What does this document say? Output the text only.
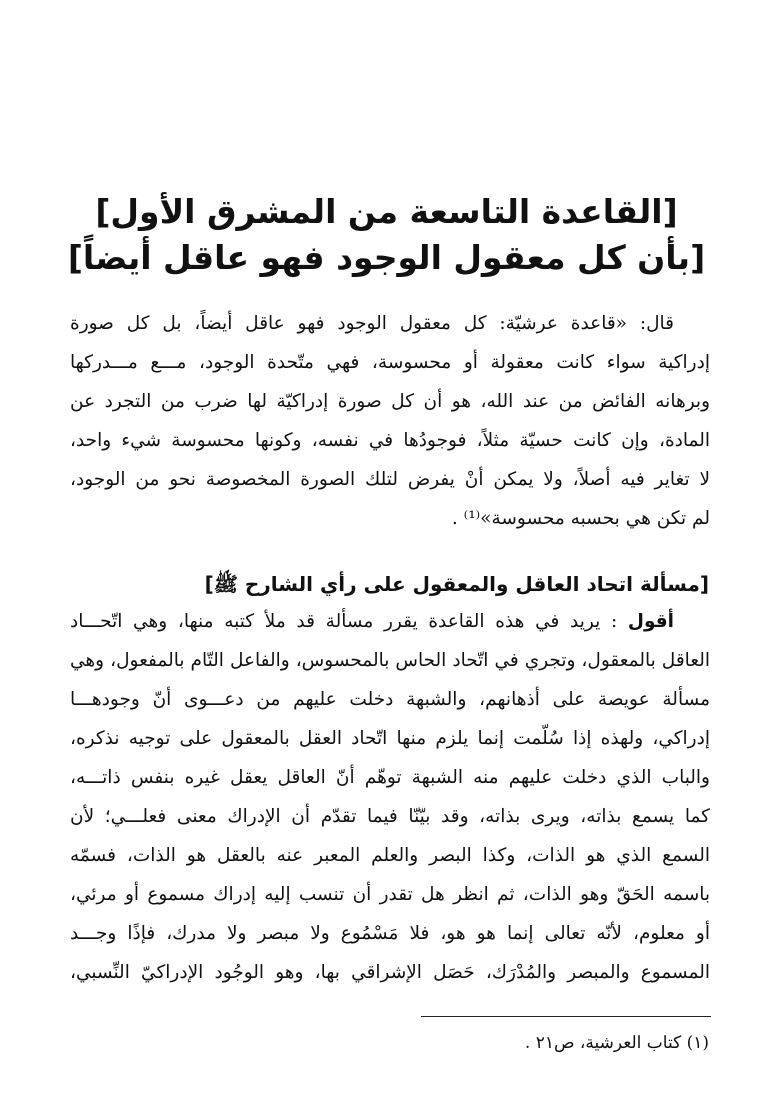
[القاعدة التاسعة من المشرق الأول]
[بأن كل معقول الوجود فهو عاقل أيضاً]
قال: «قاعدة عرشيّة: كل معقول الوجود فهو عاقل أيضاً، بل كل صورة
إدراكية سواء كانت معقولة أو محسوسة، فهي متّحدة الوجود، مـــع مـــدركها
وبرهانه الفائض من عند الله، هو أن كل صورة إدراكيّة لها ضرب من التجرد عن
المادة، وإن كانت حسيّة مثلاً، فوجودُها في نفسه، وكونها محسوسة شيء واحد،
لا تغاير فيه أصلاً، ولا يمكن أنْ يفرض لتلك الصورة المخصوصة نحو من الوجود،
لم تكن هي بحسبه محسوسة»⁽¹⁾ .
[مسألة اتحاد العاقل والمعقول على رأي الشارح ﷺ]
أقول : يريد في هذه القاعدة يقرر مسألة قد ملأ كتبه منها، وهي اتّحـــاد
العاقل بالمعقول، وتجري في اتّحاد الحاس بالمحسوس، والفاعل التّام بالمفعول، وهي
مسألة عويصة على أذهانهم، والشبهة دخلت عليهم من دعـــوى أنّ وجودهـــا
إدراكي، ولهذه إذا سُلّمت إنما يلزم منها اتّحاد العقل بالمعقول على توجيه نذكره،
والباب الذي دخلت عليهم منه الشبهة توهّم أنّ العاقل يعقل غيره بنفس ذاتـــه،
كما يسمع بذاته، ويرى بذاته، وقد بيّنّا فيما تقدّم أن الإدراك معنى فعلـــي؛ لأن
السمع الذي هو الذات، وكذا البصر والعلم المعبر عنه بالعقل هو الذات، فسمّه
باسمه الحَقّ وهو الذات، ثم انظر هل تقدر أن تنسب إليه إدراك مسموع أو مرئي،
أو معلوم، لأنّه تعالى إنما هو هو، فلا مَسْمُوع ولا مبصر ولا مدرك، فإذًا وجـــد
المسموع والمبصر والمُدْرَك، حَصَل الإشراقي بها، وهو الوجُود الإدراكيّ النِّسبي،
(١) كتاب العرشية، ص٢١ .
